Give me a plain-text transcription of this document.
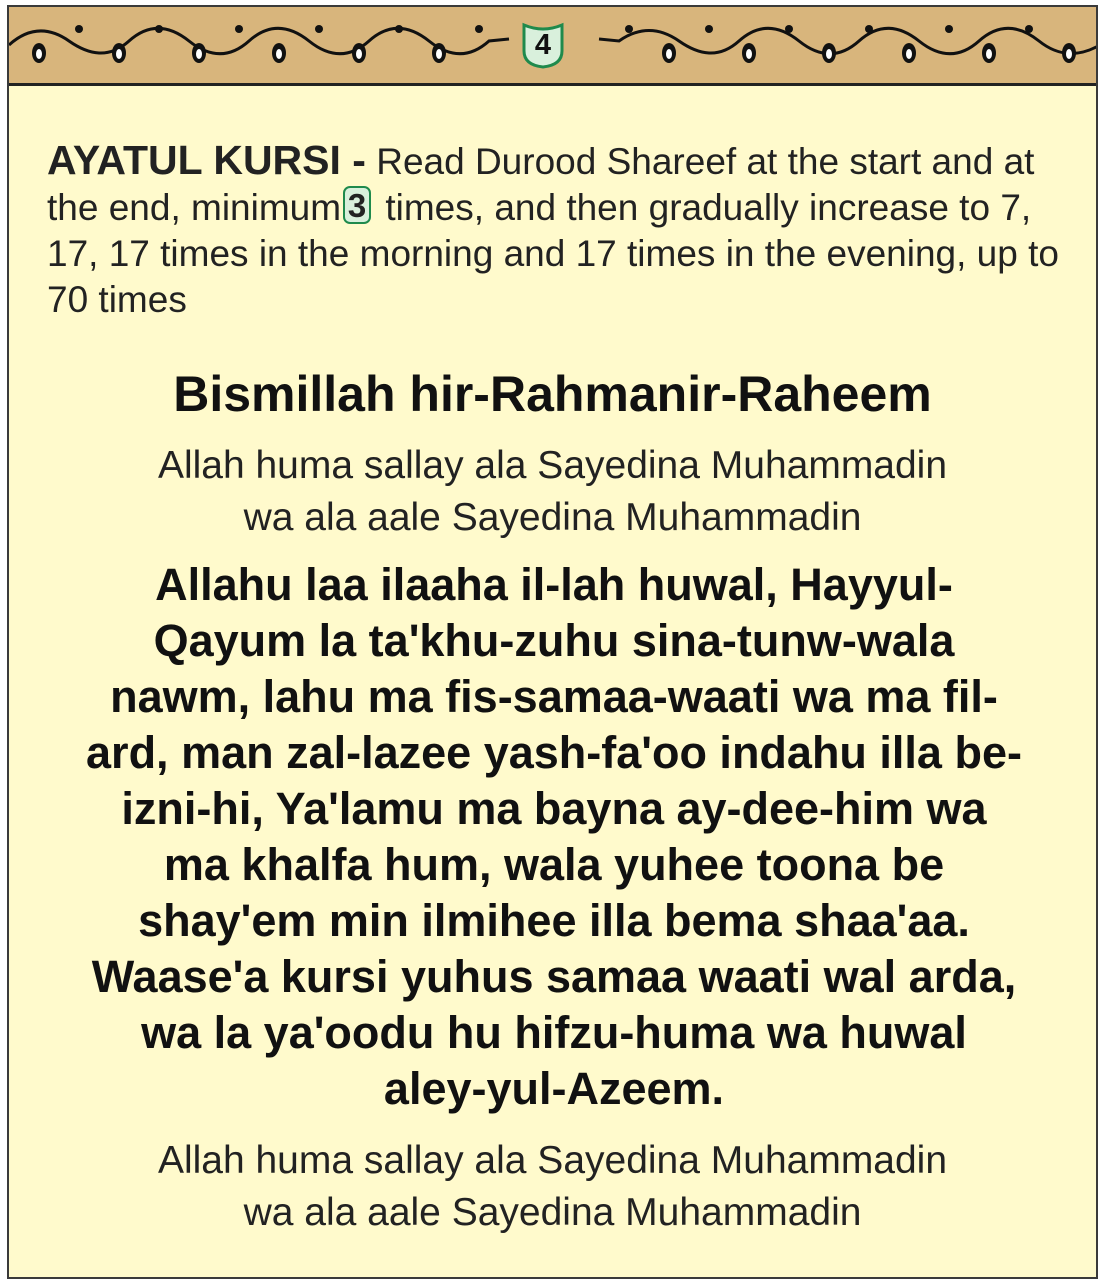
4
AYATUL KURSI - Read Durood Shareef at the start and at the end, minimum 3 times, and then gradually increase to 7, 17, 17 times in the morning and 17 times in the evening, up to 70 times
Bismillah hir-Rahmanir-Raheem

Allah huma sallay ala Sayedina Muhammadin

wa ala aale Sayedina Muhammadin

Allahu laa ilaaha il-lah huwal, Hayyul-

Qayum la ta'khu-zuhu sina-tunw-wala

nawm, lahu ma fis-samaa-waati wa ma fil-

ard, man zal-lazee yash-fa'oo indahu illa be-

izni-hi, Ya'lamu ma bayna ay-dee-him wa

ma khalfa hum, wala yuhee toona be

shay'em min ilmihee illa bema shaa'aa.

Waase'a kursi yuhus samaa waati wal arda,

wa la ya'oodu hu hifzu-huma wa huwal

aley-yul-Azeem.

Allah huma sallay ala Sayedina Muhammadin

wa ala aale Sayedina Muhammadin
